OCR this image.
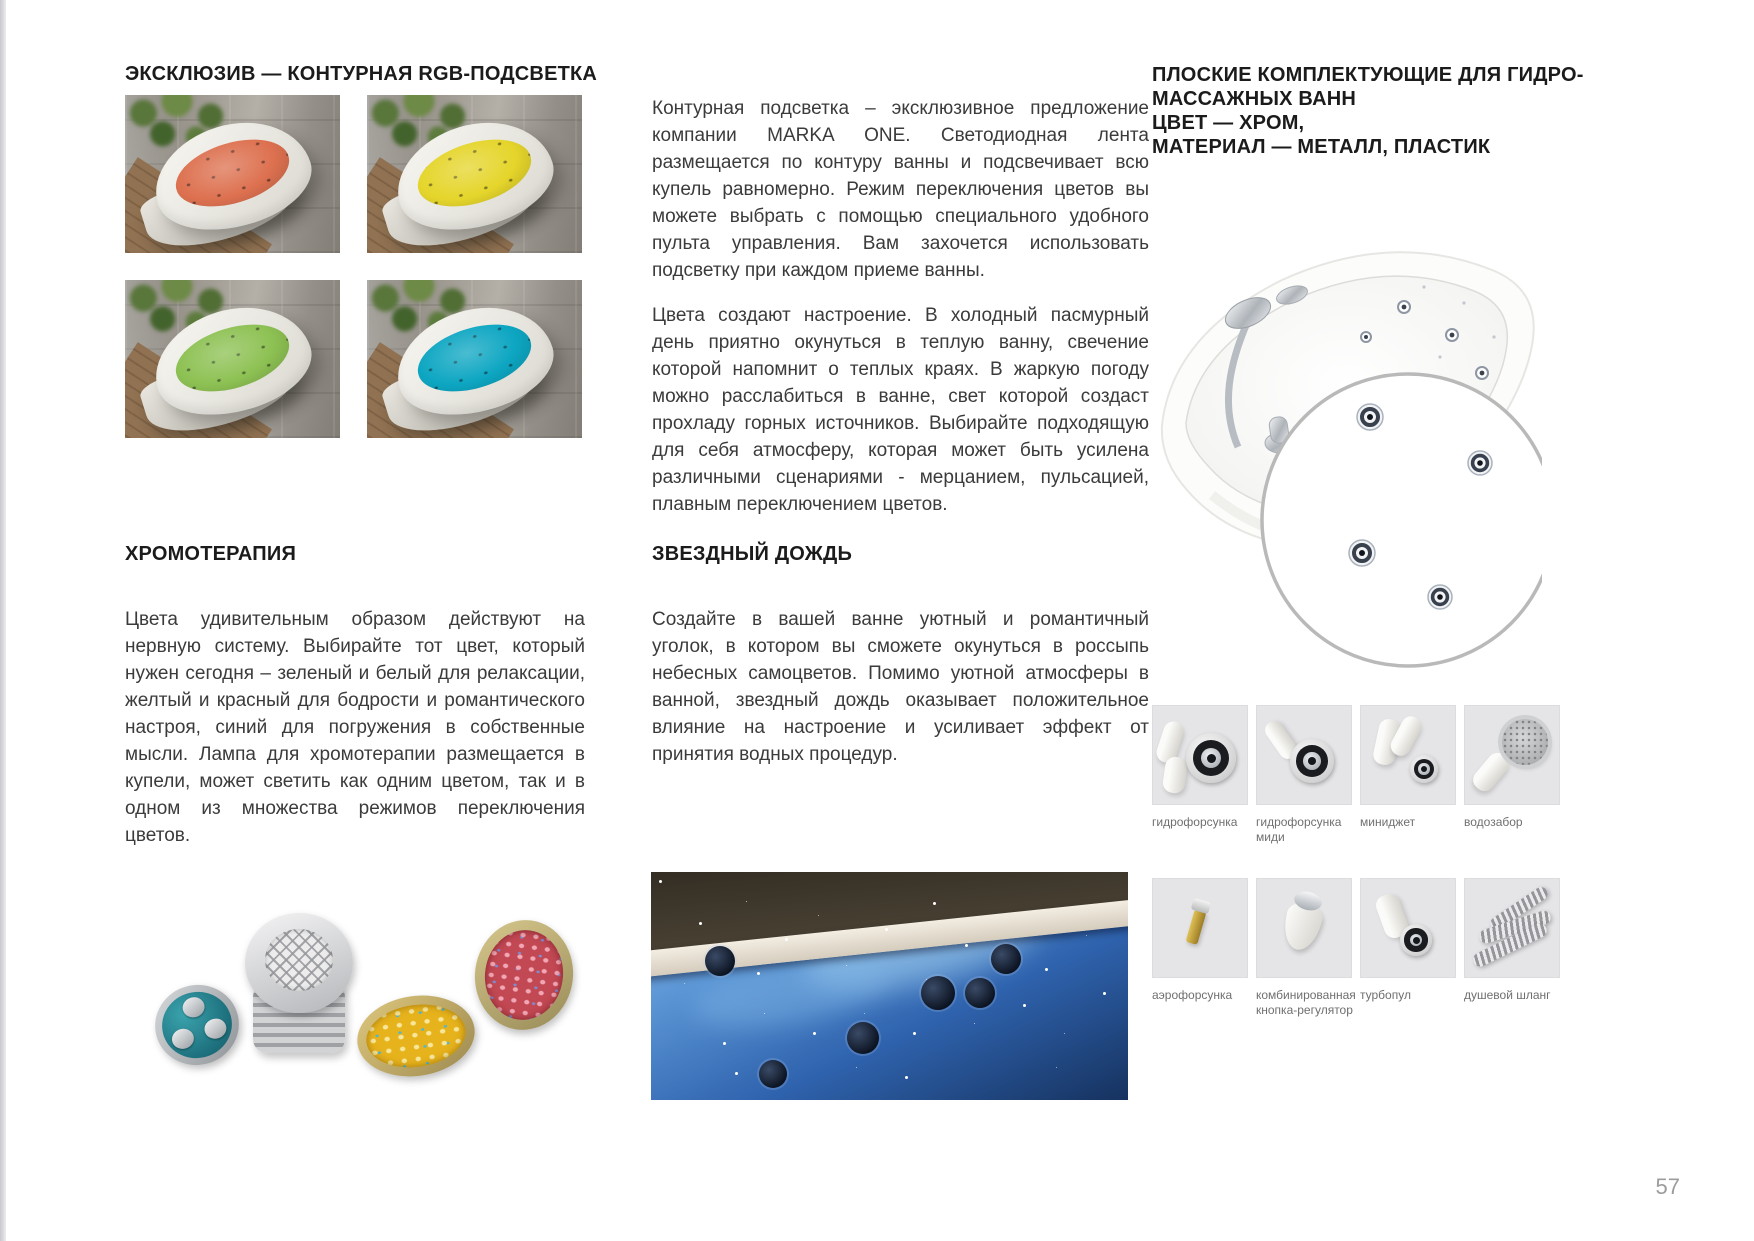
ЭКСКЛЮЗИВ — КОНТУРНАЯ RGB-ПОДСВЕТКА
ХРОМОТЕРАПИЯ
Цвета удивительным образом действуют на нервную систему. Выбирайте тот цвет, который нужен сегодня – зеленый и белый для релаксации, желтый и красный для бодрости и романтического настроя, синий для погружения в собственные мысли. Лампа для хромотерапии размещается в купели, может светить как одним цветом, так и в одном из множества режимов переключения цветов.

Контурная подсветка – эксклюзивное предложение компании MARKA ONE. Светодиодная лента размещается по контуру ванны и подсвечивает всю купель равномерно. Режим переключения цветов вы можете выбрать с помощью специального удобного пульта управления. Вам захочется использовать подсветку при каждом приеме ванны.

Цвета создают настроение. В холодный пасмурный день приятно окунуться в теплую ванну, свечение которой напомнит о теплых краях. В жаркую погоду можно расслабиться в ванне, свет которой создаст прохладу горных источников. Выбирайте подходящую для себя атмосферу, которая может быть усилена различными сценариями - мерцанием, пульсацией, плавным переключением цветов.

ЗВЕЗДНЫЙ ДОЖДЬ
Создайте в вашей ванне уютный и романтичный уголок, в котором вы сможете окунуться в россыпь небесных самоцветов. Помимо уютной атмосферы в ванной, звездный дождь оказывает положительное влияние на настроение и усиливает эффект от принятия водных процедур.
ПЛОСКИЕ КОМПЛЕКТУЮЩИЕ ДЛЯ ГИДРО-
МАССАЖНЫХ ВАНН
ЦВЕТ — ХРОМ,
МАТЕРИАЛ — МЕТАЛЛ, ПЛАСТИК
гидрофорсунка	гидрофорсунка миди
миниджет	водозабор
аэрофорсунка	комбинированная кнопка-регулятор
турбопул	душевой шланг
57
